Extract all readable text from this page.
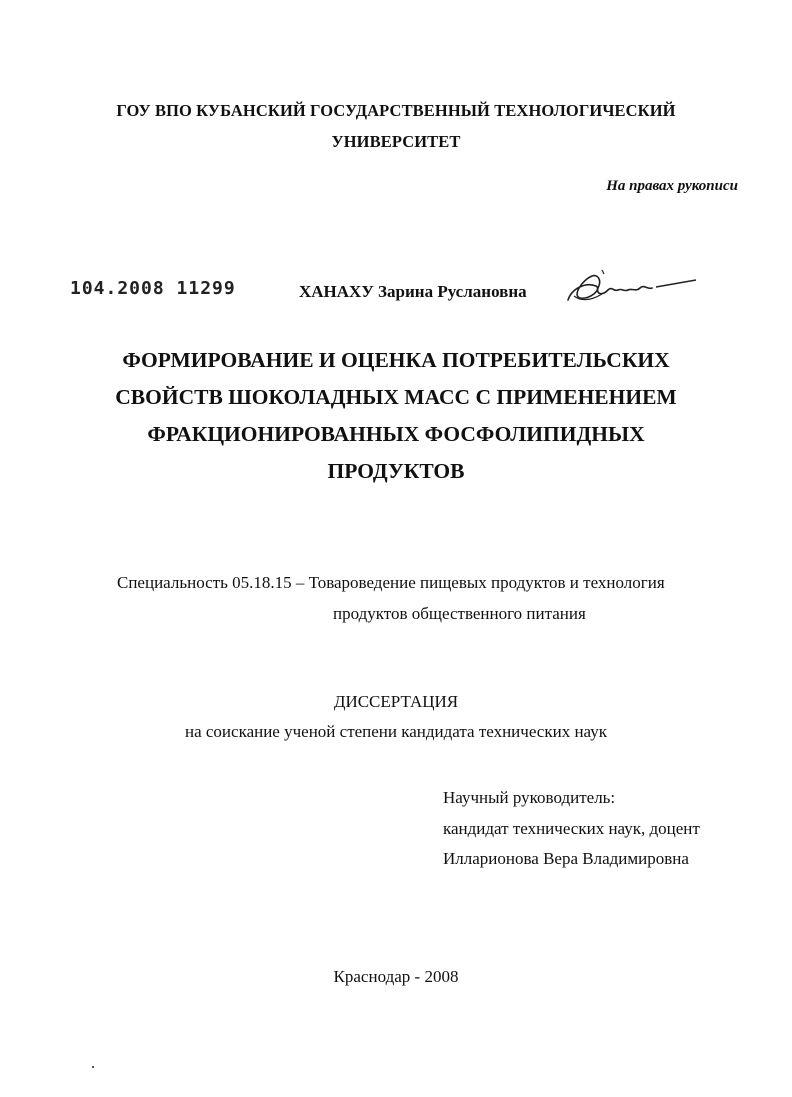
ГОУ ВПО КУБАНСКИЙ ГОСУДАРСТВЕННЫЙ ТЕХНОЛОГИЧЕСКИЙ
УНИВЕРСИТЕТ
На правах рукописи
104.2008 11299	ХАНАХУ Зарина Руслановна
ФОРМИРОВАНИЕ И ОЦЕНКА ПОТРЕБИТЕЛЬСКИХ
СВОЙСТВ ШОКОЛАДНЫХ МАСС С ПРИМЕНЕНИЕМ
ФРАКЦИОНИРОВАННЫХ ФОСФОЛИПИДНЫХ
ПРОДУКТОВ
Специальность 05.18.15 – Товароведение пищевых продуктов и технология
продуктов общественного питания
ДИССЕРТАЦИЯ
на соискание ученой степени кандидата технических наук
Научный руководитель:
кандидат технических наук, доцент
Илларионова Вера Владимировна
Краснодар - 2008
